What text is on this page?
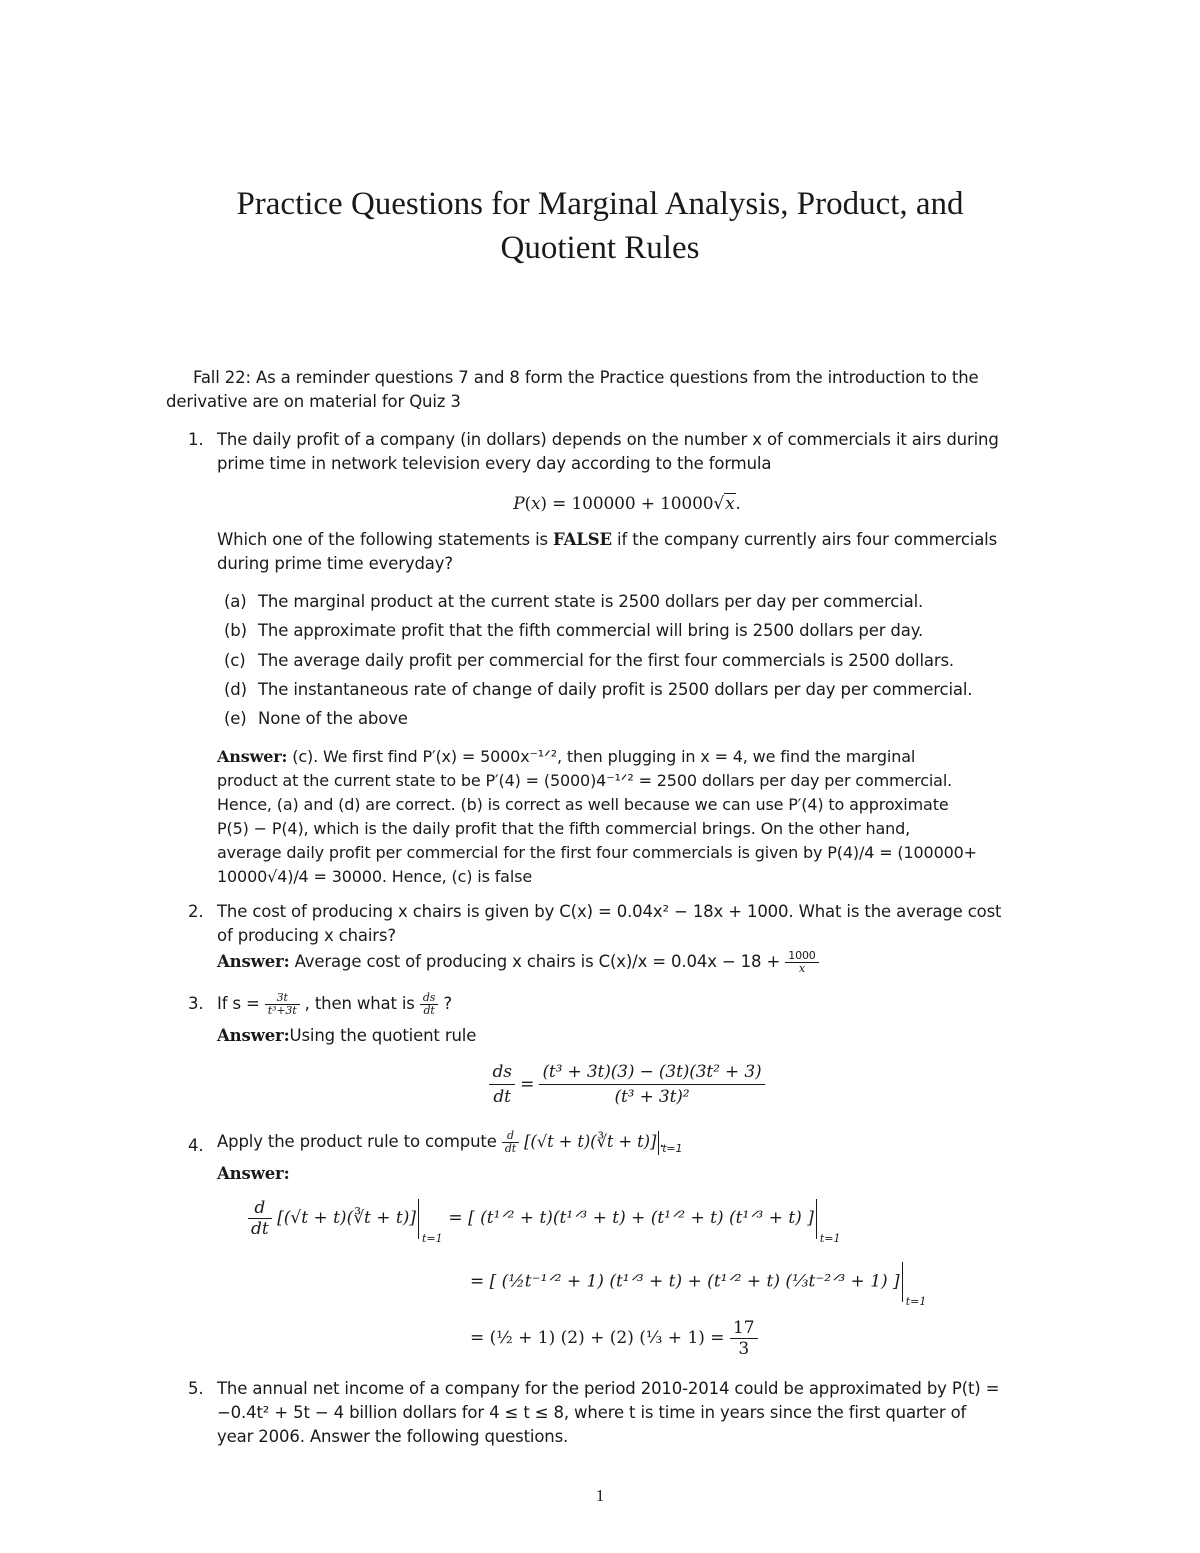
Practice Questions for Marginal Analysis, Product, and
Quotient Rules
Fall 22: As a reminder questions 7 and 8 form the Practice questions from the introduction to the derivative are on material for Quiz 3
1. The daily profit of a company (in dollars) depends on the number x of commercials it airs during prime time in network television every day according to the formula
P(x) = 100000 + 10000√x.
Which one of the following statements is FALSE if the company currently airs four commercials during prime time everyday?
(a) The marginal product at the current state is 2500 dollars per day per commercial.
(b) The approximate profit that the fifth commercial will bring is 2500 dollars per day.
(c) The average daily profit per commercial for the first four commercials is 2500 dollars.
(d) The instantaneous rate of change of daily profit is 2500 dollars per day per commercial.
(e) None of the above
Answer: (c). We first find P′(x) = 5000x⁻¹ᐟ², then plugging in x = 4, we find the marginal
product at the current state to be P′(4) = (5000)4⁻¹ᐟ² = 2500 dollars per day per commercial.
Hence, (a) and (d) are correct. (b) is correct as well because we can use P′(4) to approximate
P(5) − P(4), which is the daily profit that the fifth commercial brings. On the other hand,
average daily profit per commercial for the first four commercials is given by P(4)/4 = (100000+
10000√4)/4 = 30000. Hence, (c) is false
2. The cost of producing x chairs is given by C(x) = 0.04x² − 18x + 1000. What is the average cost
of producing x chairs?
Answer: Average cost of producing x chairs is $C(x)/x = 0.04x - 18 + \frac{1000}{x}$
3. If $s = \frac{3t}{\text{t³+3t}}$ , then what is $\frac{ds}{dt}$ ?
Answer:Using the quotient rule
$\frac{ds}{dt} = \frac{\text{(t³ + 3t)(3) − (3t)(3t² + 3)}}{\text{(t³ + 3t)²}}$
4. Apply the product rule to compute $\frac{d}{dt} [(√t$ + t)(∛t + t)] t=1
.
Answer:
$\frac{d}{dt} [(√t$ + t)(∛t + t)]
t=1
= [ (t¹ᐟ² + t)(t¹ᐟ³ + t) + (t¹ᐟ² + t) (t¹ᐟ³ + t) ]
t=1
= [ (½t⁻¹ᐟ² + 1) (t¹ᐟ³ + t) + (t¹ᐟ² + t) (⅓t⁻²ᐟ³ + 1) ]
t=1
= (½ + 1) (2) + (2) (⅓ + $1) = \frac{17}{3}$
5. The annual net income of a company for the period 2010-2014 could be approximated by P(t) =
−0.4t² + 5t − 4 billion dollars for 4 ≤ t ≤ 8, where t is time in years since the first quarter of
year 2006. Answer the following questions.
1
